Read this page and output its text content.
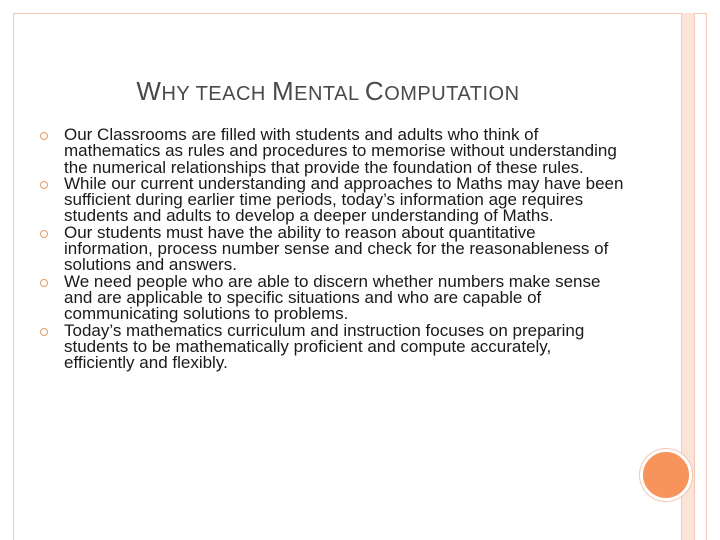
WHY TEACH MENTAL COMPUTATION
Our Classrooms are filled with students and adults who think of mathematics as rules and procedures to memorise without understanding the numerical relationships that provide the foundation of these rules.
While our current understanding and approaches to Maths may have been sufficient during earlier time periods, today’s information age requires students and adults to develop a deeper understanding of Maths.
Our students must have the ability to reason about quantitative information, process number sense and check for the reasonableness of solutions and answers.
We need people who are able to discern whether numbers make sense and are applicable to specific situations and who are capable of communicating solutions to problems.
Today’s mathematics curriculum and instruction focuses on preparing students to be mathematically proficient and compute accurately, efficiently and flexibly.
